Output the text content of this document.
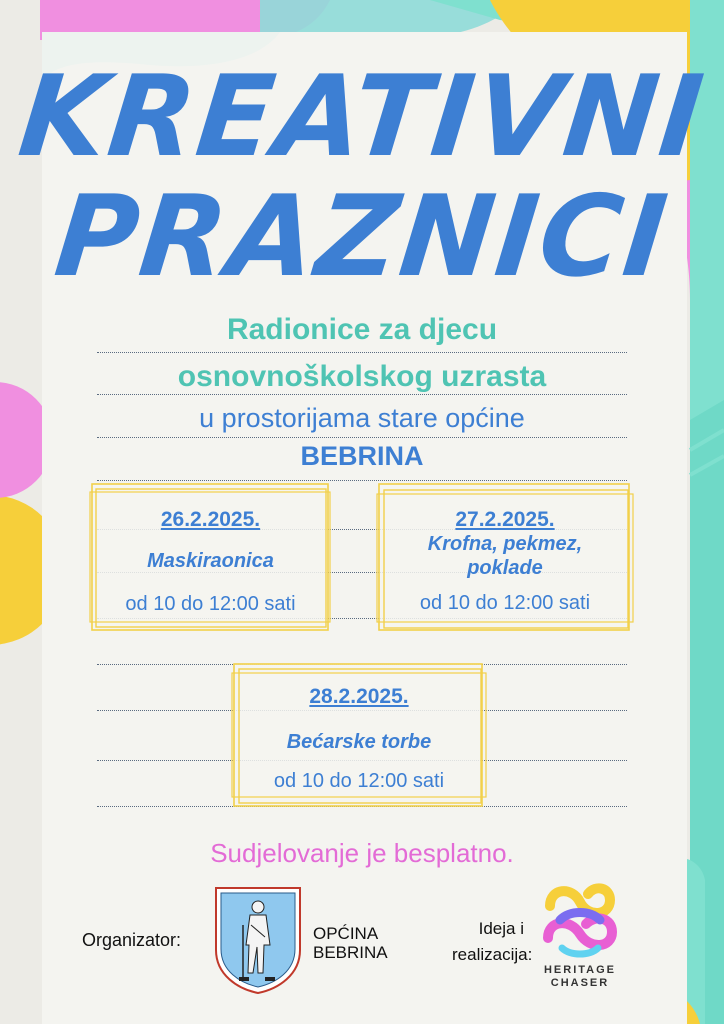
KREATIVNI
PRAZNICI
Radionice za djecu
osnovnoškolskog uzrasta
u prostorijama stare općine
BEBRINA
26.2.2025.
Maskiraonica
od 10 do 12:00 sati
27.2.2025.
Krofna, pekmez,
poklade
od 10 do 12:00 sati
28.2.2025.
Bećarske torbe
od 10 do 12:00 sati
Sudjelovanje je besplatno.
Organizator:	OPĆINA
BEBRINA
Ideja i
realizacija:
HERITAGE
CHASER
